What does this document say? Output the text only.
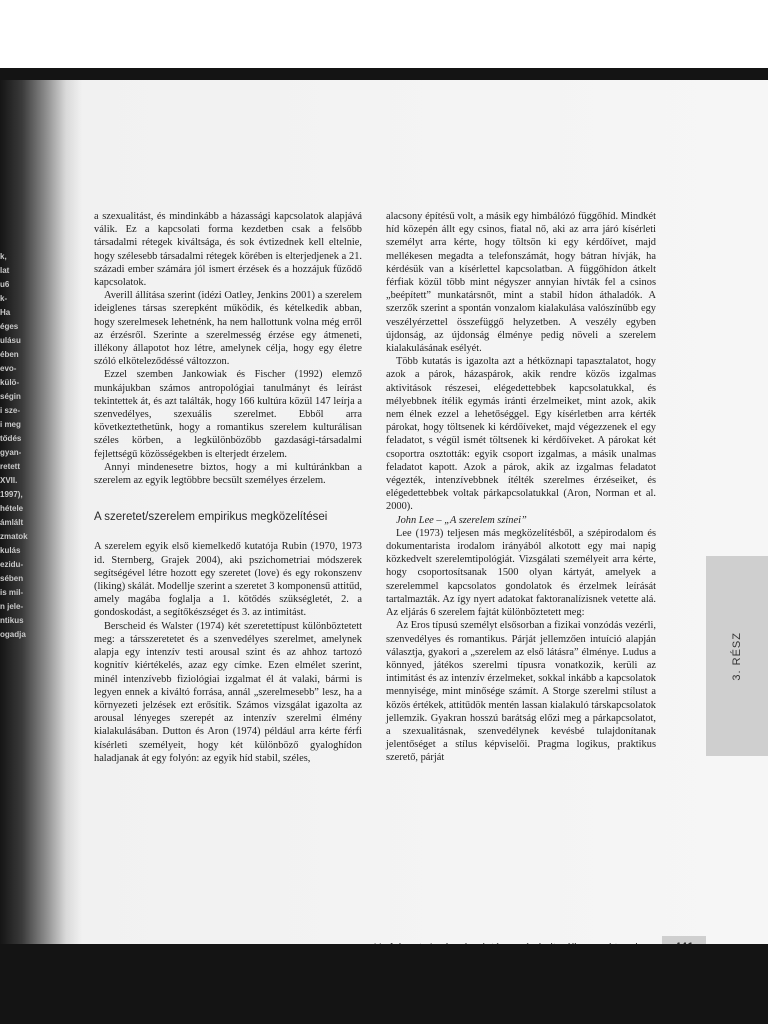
k,
lat
u6
k-
Ha
éges
ulásu
ében
evo-
külö-
ségin
i sze-
i meg
tődés
gyan-
retett
XVII.
1997),
hétele
ámlált
zmatok
kulás
ezidu-
sében
is mil-
n jele-
ntikus
ogadja

a szexualitást, és mindinkább a házassági kapcsolatok alapjává válik. Ez a kapcsolati forma kezdetben csak a felsőbb társadalmi rétegek kiváltsága, és sok évtizednek kell eltelnie, hogy szélesebb társadalmi rétegek körében is elterjedjenek a 21. századi ember számára jól ismert érzések és a hozzájuk fűződő kapcsolatok.

Averill állítása szerint (idézi Oatley, Jenkins 2001) a szerelem ideiglenes társas szerepként működik, és kételkedik abban, hogy szerelmesek lehetnénk, ha nem hallottunk volna még erről az érzésről. Szerinte a szerelmesség érzése egy átmeneti, illékony állapotot hoz létre, amelynek célja, hogy egy életre szóló elköteleződéssé változzon.

Ezzel szemben Jankowiak és Fischer (1992) elemző munkájukban számos antropológiai tanulmányt és leírást tekintettek át, és azt találták, hogy 166 kultúra közül 147 leírja a szenvedélyes, szexuális szerelmet. Ebből arra következtethetünk, hogy a romantikus szerelem kulturálisan széles körben, a legkülönbözőbb gazdasági-társadalmi fejlettségű közösségekben is elterjedt érzelem.

Annyi mindenesetre biztos, hogy a mi kultúránkban a szerelem az egyik legtöbbre becsült személyes érzelem.

A szeretet/szerelem empirikus megközelítései

A szerelem egyik első kiemelkedő kutatója Rubin (1970, 1973 id. Sternberg, Grajek 2004), aki pszichometriai módszerek segítségével létre hozott egy szeretet (love) és egy rokonszenv (liking) skálát. Modellje szerint a szeretet 3 komponensű attitűd, amely magába foglalja a 1. kötődés szükségletét, 2. a gondoskodást, a segítőkészséget és 3. az intimitást.

Berscheid és Walster (1974) két szeretettípust különböztetett meg: a társszeretetet és a szenvedélyes szerelmet, amelynek alapja egy intenzív testi arousal szint és az ahhoz tartozó kognitív kiértékelés, azaz egy címke. Ezen elmélet szerint, minél intenzívebb fiziológiai izgalmat él át valaki, bármi is legyen ennek a kiváltó forrása, annál „szerelmesebb” lesz, ha a környezeti jelzések ezt erősítik. Számos vizsgálat igazolta az arousal lényeges szerepét az intenzív szerelmi élmény kialakulásában. Dutton és Aron (1974) például arra kérte férfi kísérleti személyeit, hogy két különböző gyaloghídon haladjanak át egy folyón: az egyik híd stabil, széles,

alacsony építésű volt, a másik egy himbálózó függőhíd. Mindkét híd közepén állt egy csinos, fiatal nő, aki az arra járó kísérleti személyt arra kérte, hogy töltsön ki egy kérdőívet, majd mellékesen megadta a telefonszámát, hogy bátran hívják, ha kérdésük van a kísérlettel kapcsolatban. A függőhídon átkelt férfiak közül több mint négyszer annyian hívták fel a csinos „beépített” munkatársnőt, mint a stabil hídon áthaladók. A szerzők szerint a spontán vonzalom kialakulása valószínűbb egy veszélyérzettel összefüggő helyzetben. A veszély egyben újdonság, az újdonság élménye pedig növeli a szerelem kialakulásának esélyét.

Több kutatás is igazolta azt a hétköznapi tapasztalatot, hogy azok a párok, házaspárok, akik rendre közös izgalmas aktivitások részesei, elégedettebbek kapcsolatukkal, és mélyebbnek ítélik egymás iránti érzelmeiket, mint azok, akik nem élnek ezzel a lehetőséggel. Egy kísérletben arra kérték párokat, hogy töltsenek ki kérdőíveket, majd végezzenek el egy feladatot, s végül ismét töltsenek ki kérdőíveket. A párokat két csoportra osztották: egyik csoport izgalmas, a másik unalmas feladatot kapott. Azok a párok, akik az izgalmas feladatot végezték, intenzívebbnek ítélték szerelmes érzéseiket, és elégedettebbek voltak párkapcsolatukkal (Aron, Norman et al. 2000).

John Lee – „A szerelem színei”

Lee (1973) teljesen más megközelítésből, a szépirodalom és dokumentarista irodalom irányából alkotott egy mai napig közkedvelt szerelemtipológiát. Vizsgálati személyeit arra kérte, hogy csoportosítsanak 1500 olyan kártyát, amelyek a szerelemmel kapcsolatos gondolatok és érzelmek leírását tartalmazták. Az így nyert adatokat faktoranalízisnek vetette alá. Az eljárás 6 szerelem fajtát különböztetett meg:

Az Eros típusú személyt elsősorban a fizikai vonzódás vezérli, szenvedélyes és romantikus. Párját jellemzően intuíció alapján választja, gyakori a „szerelem az első látásra” élménye. Ludus a könnyed, játékos szerelmi típusra vonatkozik, kerüli az intimitást és az intenzív érzelmeket, sokkal inkább a kapcsolatok mennyisége, mint minősége számít. A Storge szerelmi stílust a közös értékek, attitűdök mentén lassan kialakuló társkapcsolatok jellemzik. Gyakran hosszú barátság előzi meg a párkapcsolatot, a szexualitásnak, szenvedélynek kevésbé tulajdonítanak jelentőséget a stílus képviselői. Pragma logikus, praktikus szerető, párját

3. RÉSZ
